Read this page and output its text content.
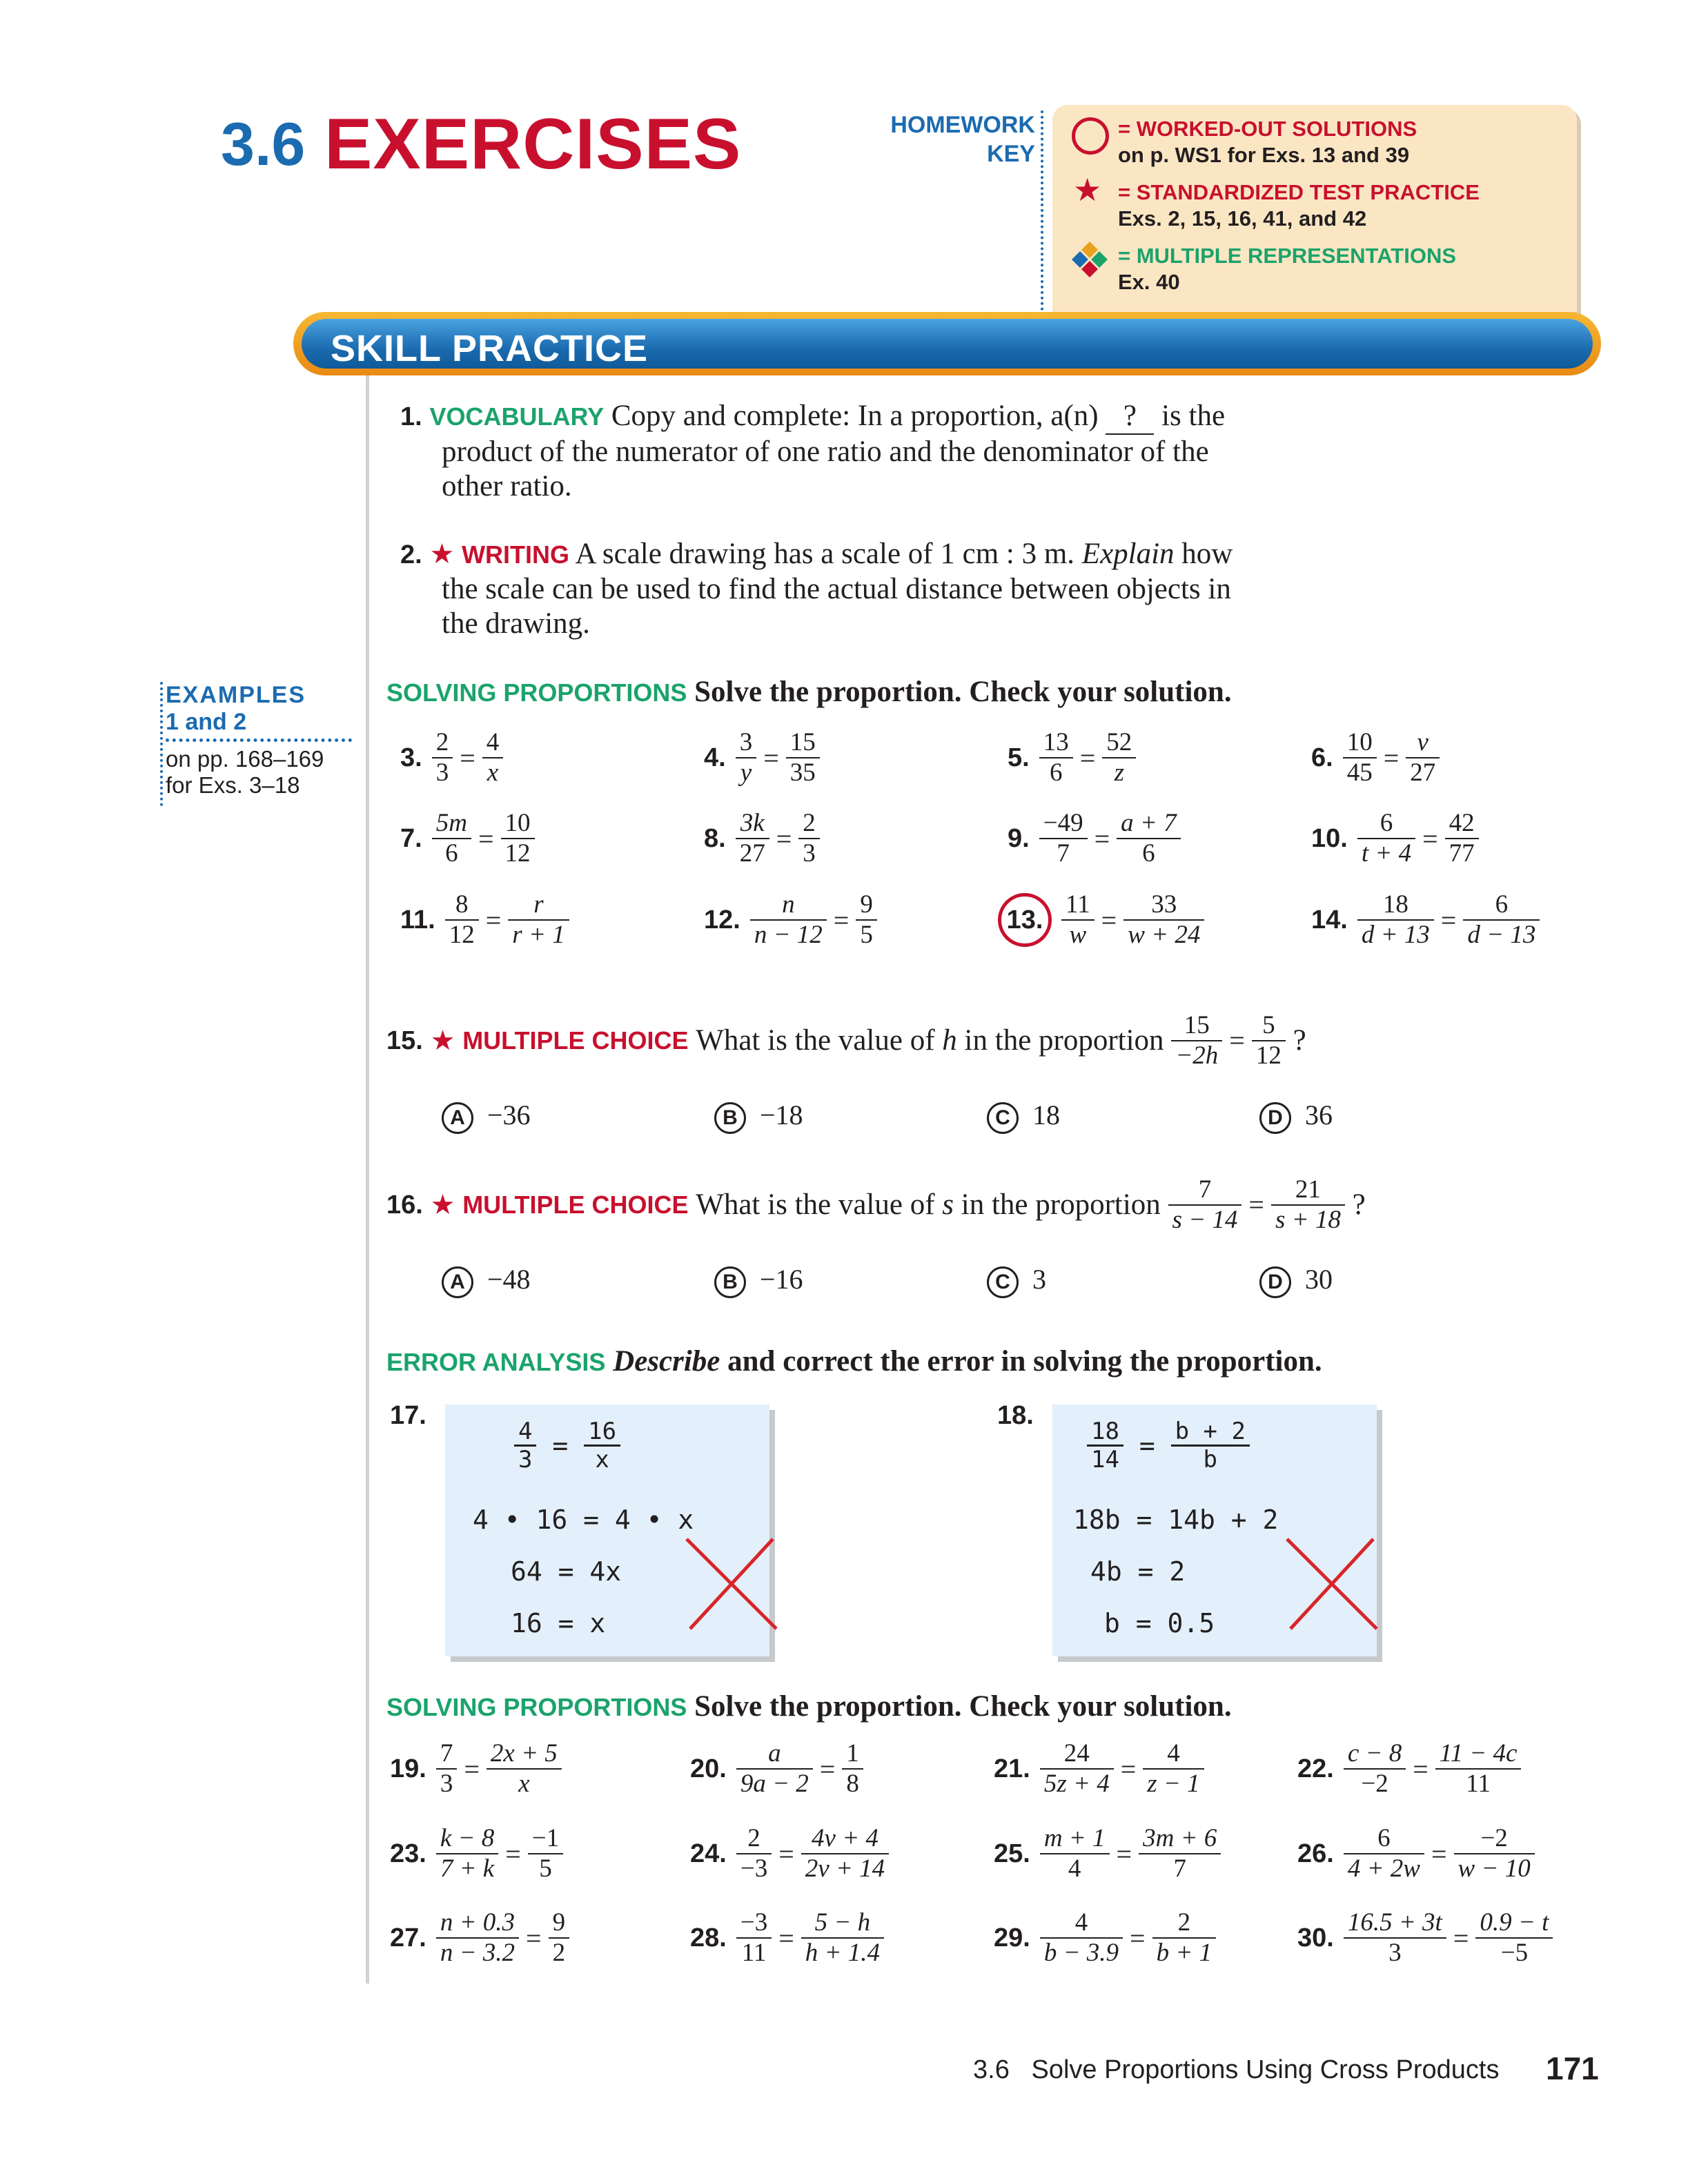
3.6 EXERCISES	HOMEWORK
KEY
= WORKED-OUT SOLUTIONS
on p. WS1 for Exs. 13 and 39
★ = STANDARDIZED TEST PRACTICE
Exs. 2, 15, 16, 41, and 42
= MULTIPLE REPRESENTATIONS
Ex. 40
SKILL PRACTICE
1. VOCABULARY Copy and complete: In a proportion, a(n) ? is the
product of the numerator of one ratio and the denominator of the
other ratio.
2. ★ WRITING A scale drawing has a scale of 1 cm : 3 m. Explain how
the scale can be used to find the actual distance between objects in
the drawing.
EXAMPLES
1 and 2
on pp. 168–169
for Exs. 3–18
SOLVING PROPORTIONS Solve the proportion. Check your solution.
3. $\frac{2}{3} = \frac{4}{x}$	4. $\frac{3}{y} = \frac{15}{35}$	5. $\frac{13}{6} = \frac{52}{z}$	6. $\frac{10}{45} = \frac{v}{27}$
7. $\frac{5m}{6} = \frac{10}{12}$	8. $\frac{3k}{27} = \frac{2}{3}$	9. $\frac{-49}{7} = \frac{a + 7}{6}$	10. $\frac{6}{t + 4} = \frac{42}{77}$
11. $\frac{8}{12} = \frac{r}{r + 1}$	12. $\frac{n}{n - 12} = \frac{9}{5}$	13. $\frac{11}{w} = \frac{33}{w + 24}$	14. $\frac{18}{d + 13} = \frac{6}{d - 13}$
15. ★ MULTIPLE CHOICE What is the value of h in the proportion $\frac{15}{-2h} = \frac{5}{12}$ ?
A −36	B −18	C 18	D 36
16. ★ MULTIPLE CHOICE What is the value of s in the proportion $\frac{7}{s - 14} = \frac{21}{s + 18}$ ?
A −48	B −16	C 3	D 30
ERROR ANALYSIS Describe and correct the error in solving the proportion.
17.
$\frac{4}{3} = \frac{16}{x}$
4 • 16 = 4 • x
64 = 4x
16 = x
18.
$\frac{18}{14} = \frac{b + 2}{b}$
18b = 14b + 2
4b = 2
b = 0.5
SOLVING PROPORTIONS Solve the proportion. Check your solution.
19. $\frac{7}{3} = \frac{2x + 5}{x}$	20. $\frac{a}{9a - 2} = \frac{1}{8}$	21. $\frac{24}{5z + 4} = \frac{4}{z - 1}$	22. $\frac{c - 8}{-2} = \frac{11 - 4c}{11}$
23. $\frac{k - 8}{7 + k} = \frac{-1}{5}$	24. $\frac{2}{-3} = \frac{4v + 4}{2v + 14}$	25. $\frac{m + 1}{4} = \frac{3m + 6}{7}$	26. $\frac{6}{4 + 2w} = \frac{-2}{w - 10}$
27. $\frac{n + 0.3}{n - 3.2} = \frac{9}{2}$	28. $\frac{-3}{11} = \frac{5 - h}{h + 1.4}$	29. $\frac{4}{b - 3.9} = \frac{2}{b + 1}$	30. $\frac{16.5 + 3t}{3} = \frac{0.9 - t}{-5}$
3.6   Solve Proportions Using Cross Products 171
